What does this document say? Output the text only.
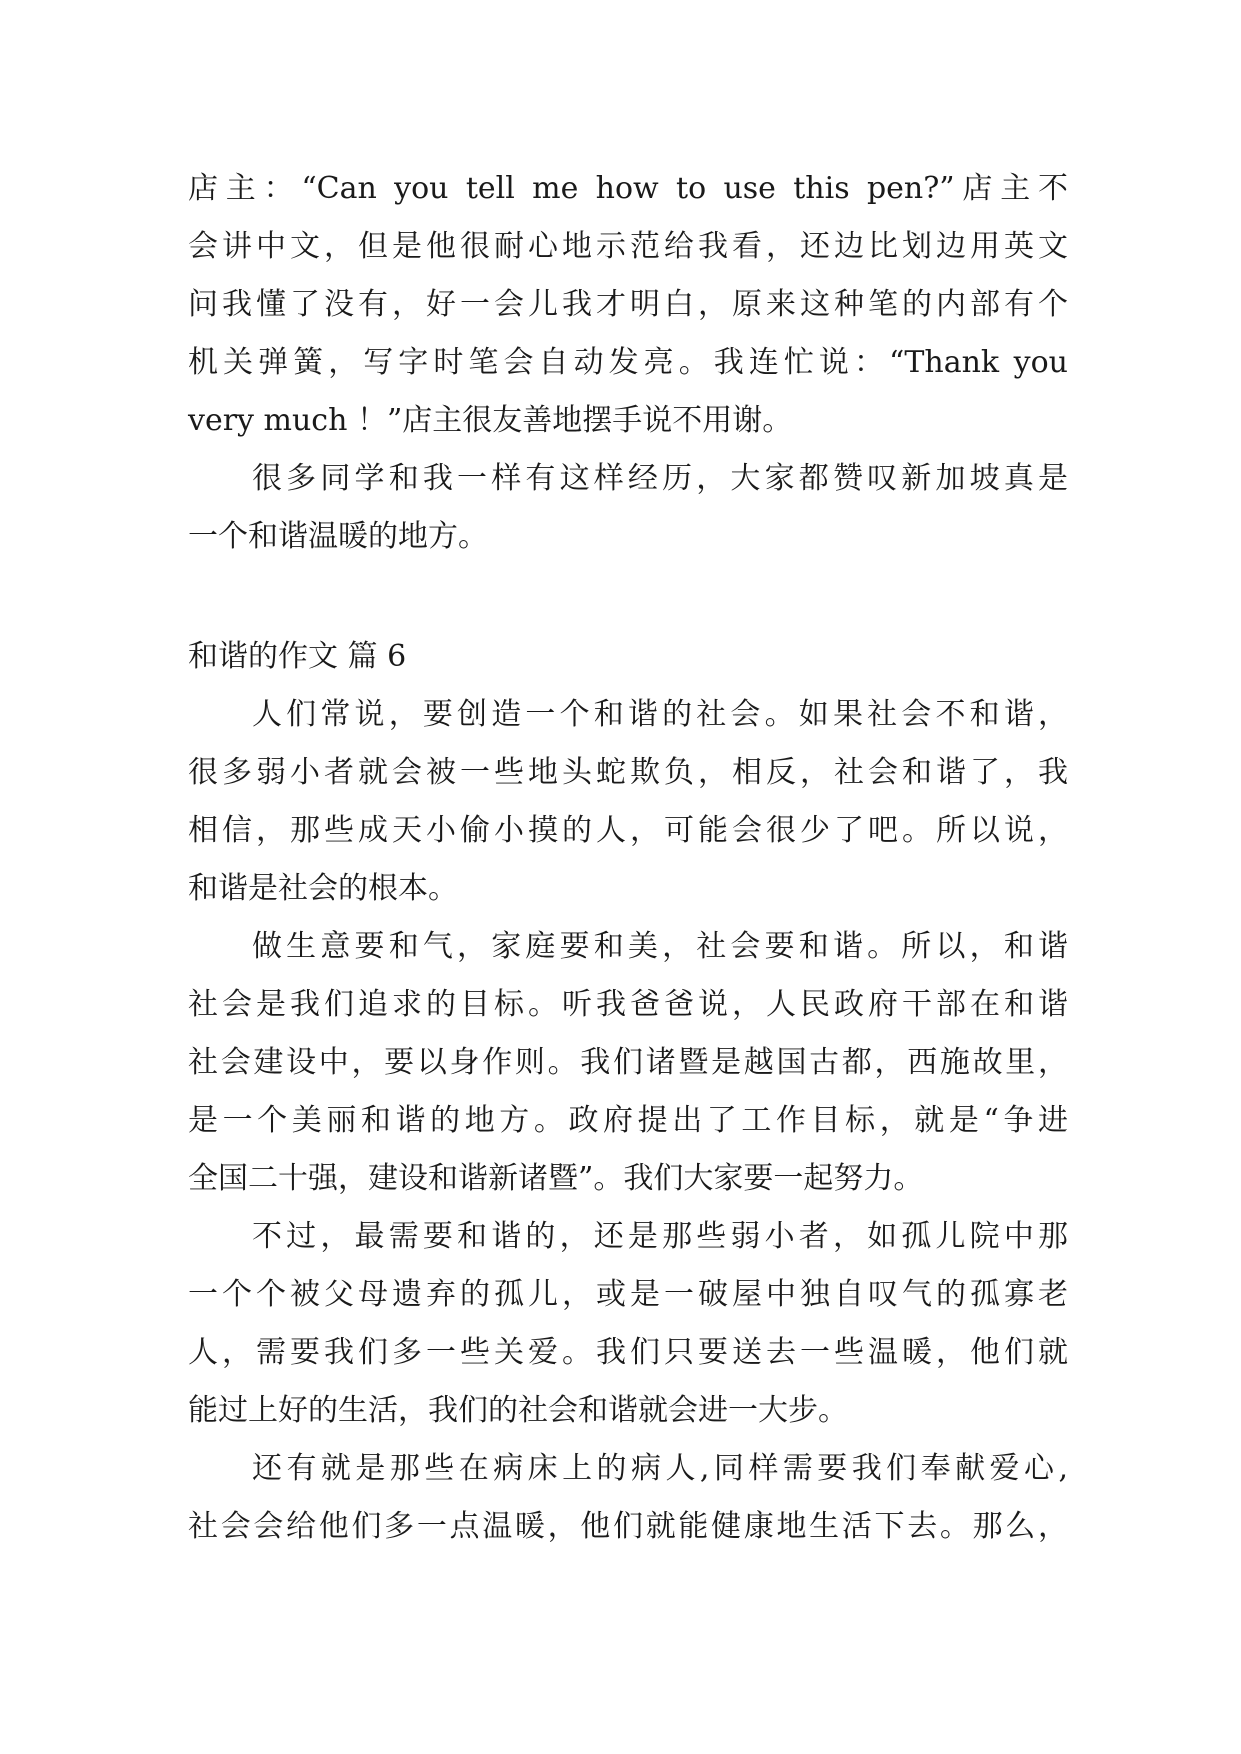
店主：“Can you tell me how to use this pen?”店主不
会讲中文，但是他很耐心地示范给我看，还边比划边用英文
问我懂了没有，好一会儿我才明白，原来这种笔的内部有个
机关弹簧，写字时笔会自动发亮。我连忙说：“Thank you
very much ！”店主很友善地摆手说不用谢。
很多同学和我一样有这样经历，大家都赞叹新加坡真是
一个和谐温暖的地方。
和谐的作文 篇 6
人们常说，要创造一个和谐的社会。如果社会不和谐，
很多弱小者就会被一些地头蛇欺负，相反，社会和谐了，我
相信，那些成天小偷小摸的人，可能会很少了吧。所以说，
和谐是社会的根本。
做生意要和气，家庭要和美，社会要和谐。所以，和谐
社会是我们追求的目标。听我爸爸说，人民政府干部在和谐
社会建设中，要以身作则。我们诸暨是越国古都，西施故里，
是一个美丽和谐的地方。政府提出了工作目标，就是“争进
全国二十强，建设和谐新诸暨”。我们大家要一起努力。
不过，最需要和谐的，还是那些弱小者，如孤儿院中那
一个个被父母遗弃的孤儿，或是一破屋中独自叹气的孤寡老
人，需要我们多一些关爱。我们只要送去一些温暖，他们就
能过上好的生活，我们的社会和谐就会进一大步。
还有就是那些在病床上的病人,同样需要我们奉献爱心,
社会会给他们多一点温暖，他们就能健康地生活下去。那么，
